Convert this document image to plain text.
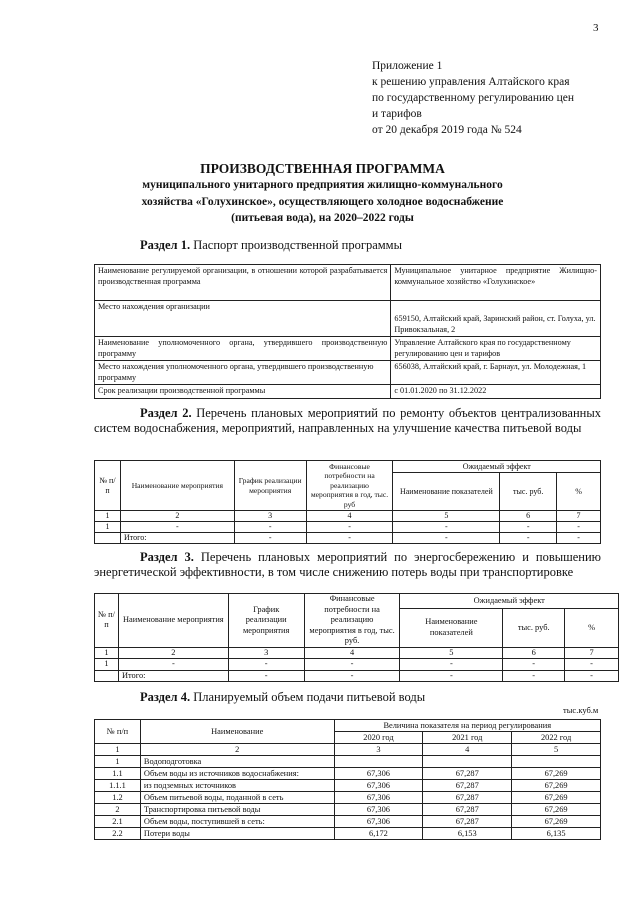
3
Приложение 1
к решению управления Алтайского края
по государственному регулированию цен
и тарифов
от 20 декабря 2019 года № 524
ПРОИЗВОДСТВЕННАЯ ПРОГРАММА
муниципального унитарного предприятия жилищно-коммунального
хозяйства «Голухинское», осуществляющего холодное водоснабжение
(питьевая вода), на 2020–2022 годы
Раздел 1. Паспорт производственной программы
Наименование регулируемой организации, в отношении которой разрабатывается производственная программа	Муниципальное унитарное предприятие Жилищно-коммунальное хозяйство «Голухинское»
Место нахождения организации	659150, Алтайский край, Заринский район, ст. Голуха, ул. Привокзальная, 2
Наименование уполномоченного органа, утвердившего производственную программу	Управление Алтайского края по государственному регулированию цен и тарифов
Место нахождения уполномоченного органа, утвердившего производственную программу	656038, Алтайский край, г. Барнаул, ул. Молодежная, 1
Срок реализации производственной программы	с 01.01.2020 по 31.12.2022
Раздел 2. Перечень плановых мероприятий по ремонту объектов централизованных систем водоснабжения, мероприятий, направленных на улучшение качества питьевой воды
№ п/п	Наименование мероприятия	График реализации мероприятия	Финансовые потребности на реализацию мероприятия в год, тыс. руб	Ожидаемый эффект		
				Наименование показателей	тыс. руб.	%
1	2	3	4	5	6	7
1	-	-	-	-	-	-
	Итого:	-	-	-	-	-
Раздел 3. Перечень плановых мероприятий по энергосбережению и повышению энергетической эффективности, в том числе снижению потерь воды при транспортировке
№ п/п	Наименование мероприятия	График реализации мероприятия	Финансовые потребности на реализацию мероприятия в год, тыс. руб.	Ожидаемый эффект		
				Наименование показателей	тыс. руб.	%
1	2	3	4	5	6	7
1	-	-	-	-	-	-
	Итого:	-	-	-	-	-
Раздел 4. Планируемый объем подачи питьевой воды
тыс.куб.м
№ п/п	Наименование	Величина показателя на период регулирования		
		2020 год	2021 год	2022 год
1	2	3	4	5
1	Водоподготовка			
1.1	Объем воды из источников водоснабжения:	67,306	67,287	67,269
1.1.1	из подземных источников	67,306	67,287	67,269
1.2	Объем питьевой воды, поданной в сеть	67,306	67,287	67,269
2	Транспортировка питьевой воды	67,306	67,287	67,269
2.1	Объем воды, поступившей в сеть:	67,306	67,287	67,269
2.2	Потери воды	6,172	6,153	6,135
